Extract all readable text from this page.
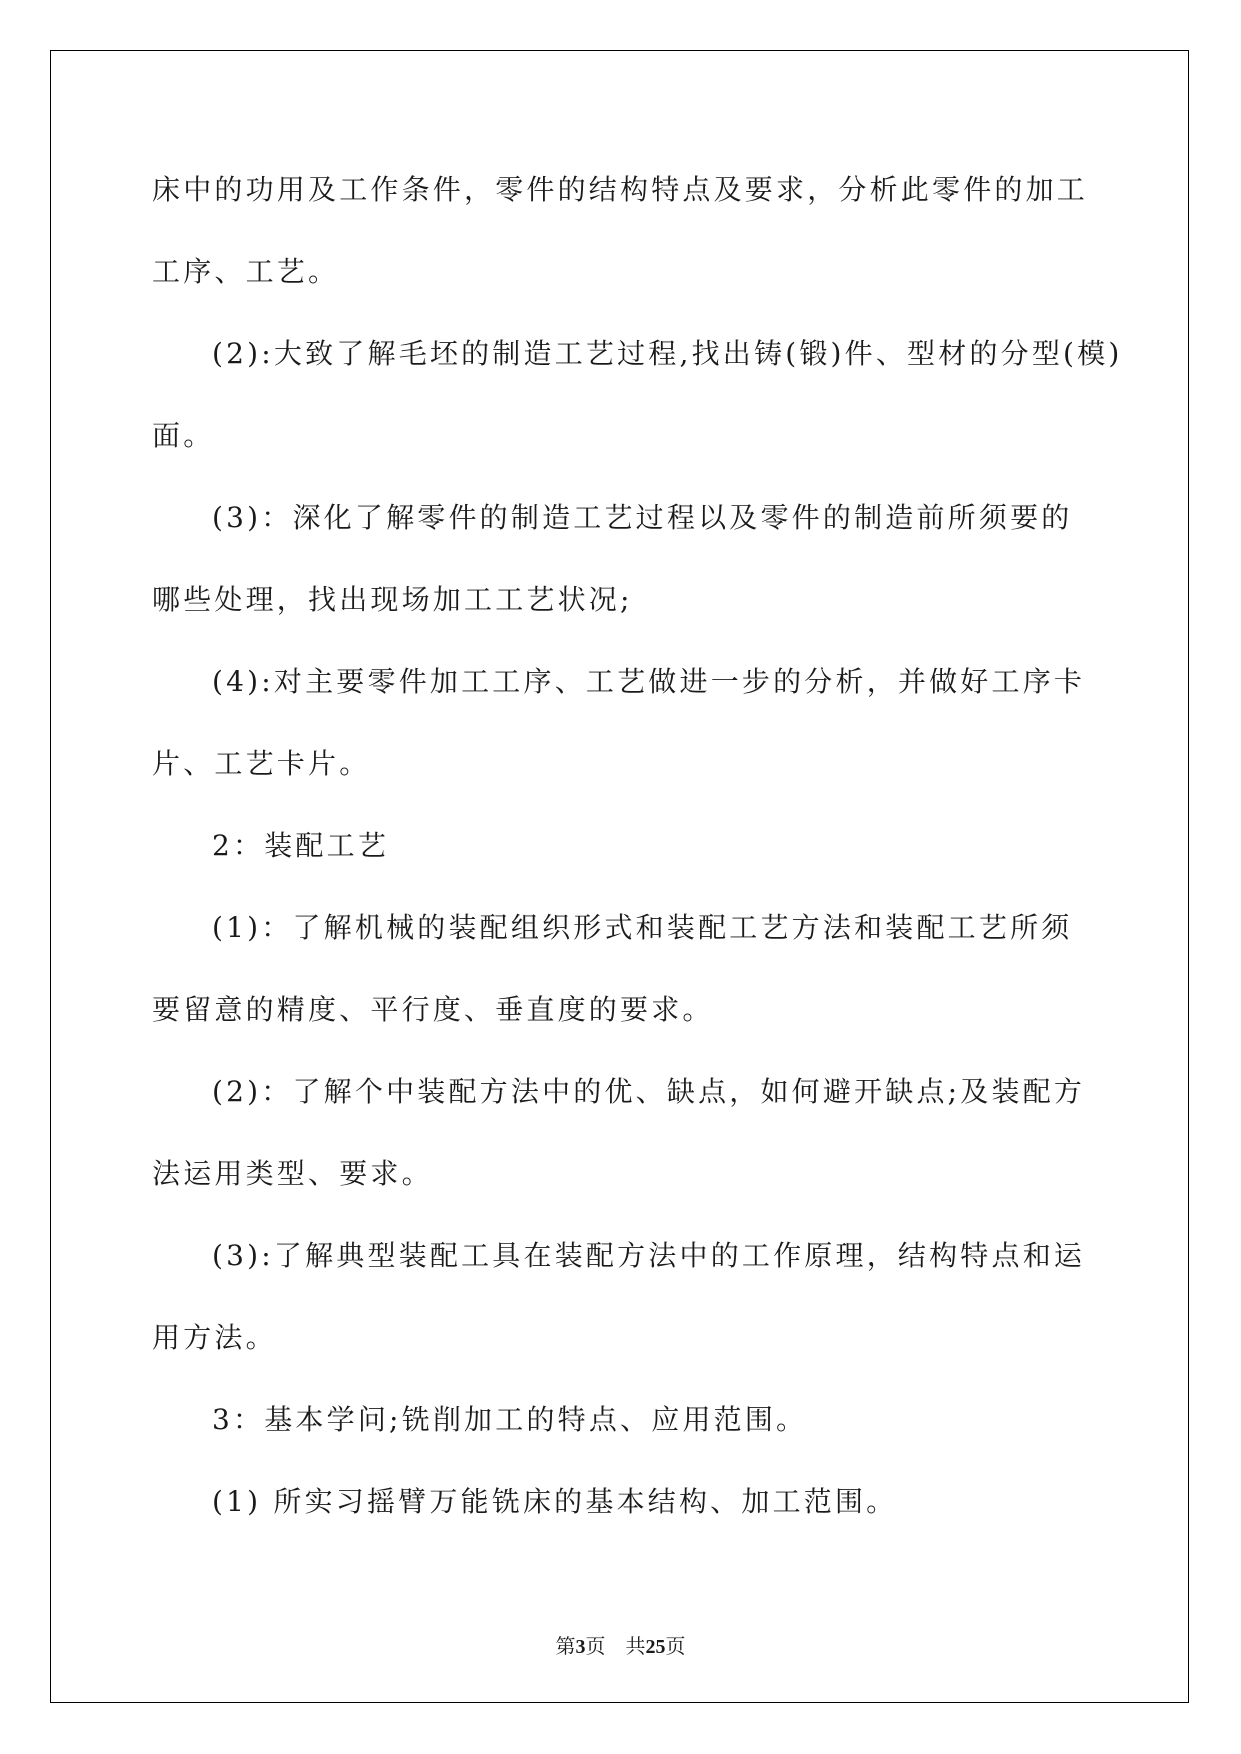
床中的功用及工作条件，零件的结构特点及要求，分析此零件的加工
工序、工艺。
(2):大致了解毛坯的制造工艺过程,找出铸(锻)件、型材的分型(模)
面。
(3)：深化了解零件的制造工艺过程以及零件的制造前所须要的
哪些处理，找出现场加工工艺状况;
(4):对主要零件加工工序、工艺做进一步的分析，并做好工序卡
片、工艺卡片。
2：装配工艺
(1)：了解机械的装配组织形式和装配工艺方法和装配工艺所须
要留意的精度、平行度、垂直度的要求。
(2)：了解个中装配方法中的优、缺点，如何避开缺点;及装配方
法运用类型、要求。
(3):了解典型装配工具在装配方法中的工作原理，结构特点和运
用方法。
3：基本学问;铣削加工的特点、应用范围。
(1) 所实习摇臂万能铣床的基本结构、加工范围。
第3页 共25页
